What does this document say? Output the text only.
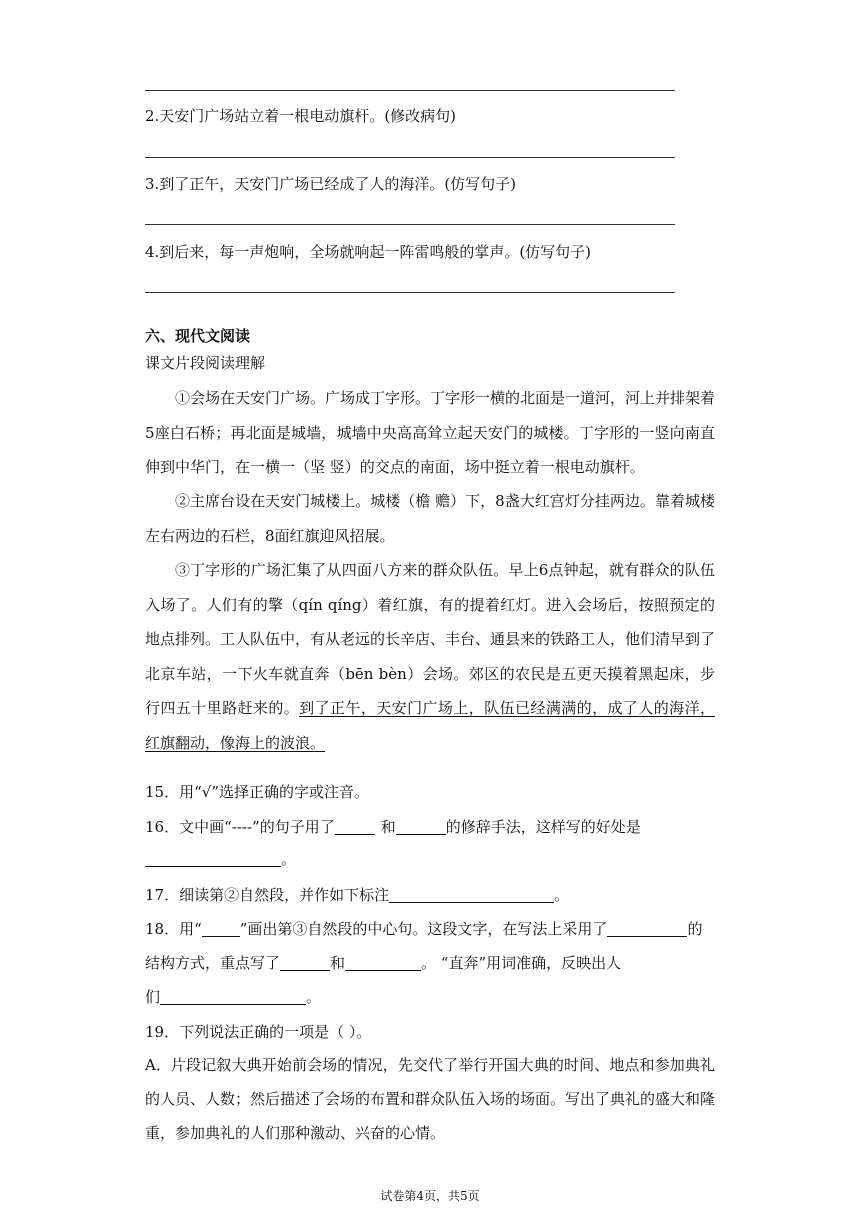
2.天安门广场站立着一根电动旗杆。(修改病句)
3.到了正午，天安门广场已经成了人的海洋。(仿写句子)
4.到后来，每一声炮响，全场就响起一阵雷鸣般的掌声。(仿写句子)
六、现代文阅读
课文片段阅读理解
①会场在天安门广场。广场成丁字形。丁字形一横的北面是一道河，河上并排架着5座白石桥；再北面是城墙，城墙中央高高耸立起天安门的城楼。丁字形的一竖向南直伸到中华门，在一横一（坚 竖）的交点的南面，场中挺立着一根电动旗杆。
②主席台设在天安门城楼上。城楼（檐 赡）下，8盏大红宫灯分挂两边。靠着城楼左右两边的石栏，8面红旗迎风招展。
③丁字形的广场汇集了从四面八方来的群众队伍。早上6点钟起，就有群众的队伍入场了。人们有的擎（qín qíng）着红旗，有的提着红灯。进入会场后，按照预定的地点排列。工人队伍中，有从老远的长辛店、丰台、通县来的铁路工人，他们清早到了北京车站，一下火车就直奔（bēn bèn）会场。郊区的农民是五更天摸着黑起床，步行四五十里路赶来的。到了正午，天安门广场上，队伍已经满满的，成了人的海洋，红旗翻动，像海上的波浪。
15．用“√”选择正确的字或注音。
16．文中画“----”的句子用了	和	的修辞手法，这样写的好处是
。
17．细读第②自然段，并作如下标注	。
18．用“	”画出第③自然段的中心句。这段文字，在写法上采用了	的
结构方式，重点写了	和	。 “直奔”用词准确，反映出人
们	。
19．下列说法正确的一项是（ ）。
A．片段记叙大典开始前会场的情况，先交代了举行开国大典的时间、地点和参加典礼的人员、人数；然后描述了会场的布置和群众队伍入场的场面。写出了典礼的盛大和隆重，参加典礼的人们那种激动、兴奋的心情。
试卷第4页，共5页
